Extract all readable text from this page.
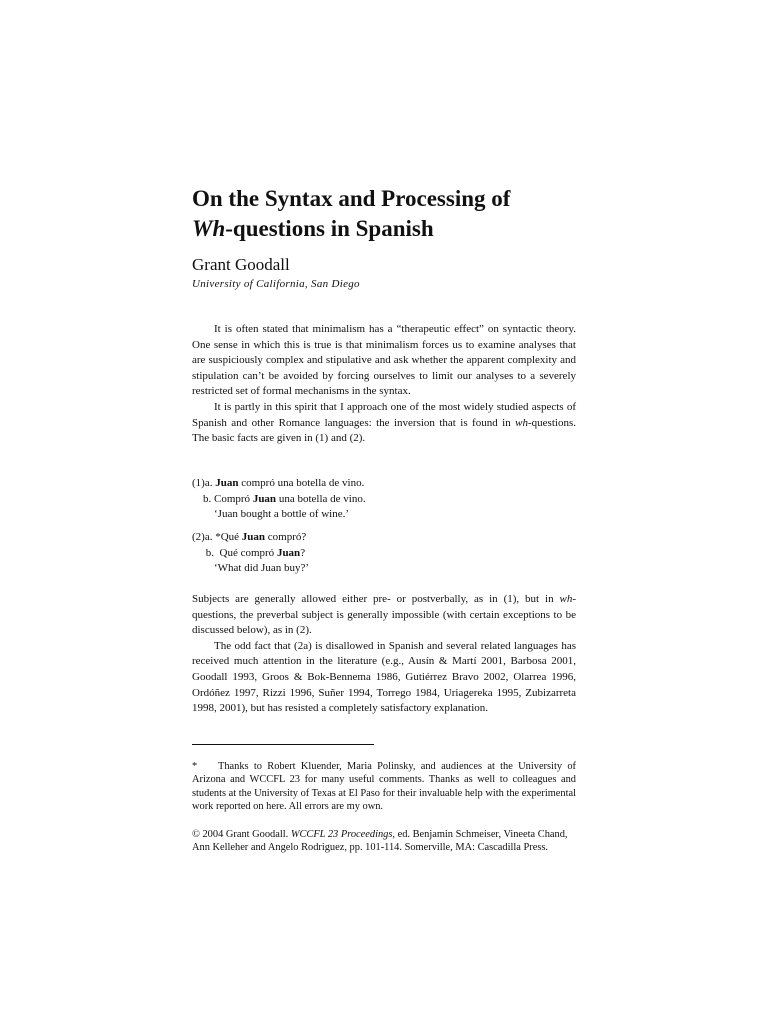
On the Syntax and Processing of
Wh-questions in Spanish
Grant Goodall
University of California, San Diego

It is often stated that minimalism has a “therapeutic effect” on syntactic theory. One sense in which this is true is that minimalism forces us to examine analyses that are suspiciously complex and stipulative and ask whether the apparent complexity and stipulation can’t be avoided by forcing ourselves to limit our analyses to a severely restricted set of formal mechanisms in the syntax.

It is partly in this spirit that I approach one of the most widely studied aspects of Spanish and other Romance languages: the inversion that is found in wh-questions. The basic facts are given in (1) and (2).

(1)a. Juan compró una botella de vino.
b. Compró Juan una botella de vino.
‘Juan bought a bottle of wine.’
(2)a. *Qué Juan compró?
b.  Qué compró Juan?
‘What did Juan buy?’

Subjects are generally allowed either pre- or postverbally, as in (1), but in wh-questions, the preverbal subject is generally impossible (with certain exceptions to be discussed below), as in (2).

The odd fact that (2a) is disallowed in Spanish and several related languages has received much attention in the literature (e.g., Ausín & Martí 2001, Barbosa 2001, Goodall 1993, Groos & Bok-Bennema 1986, Gutiérrez Bravo 2002, Olarrea 1996, Ordóñez 1997, Rizzi 1996, Suñer 1994, Torrego 1984, Uriagereka 1995, Zubizarreta 1998, 2001), but has resisted a completely satisfactory explanation.

*  Thanks to Robert Kluender, Maria Polinsky, and audiences at the University of Arizona and WCCFL 23 for many useful comments. Thanks as well to colleagues and students at the University of Texas at El Paso for their invaluable help with the experimental work reported on here. All errors are my own.

© 2004 Grant Goodall. WCCFL 23 Proceedings, ed. Benjamin Schmeiser, Vineeta Chand, Ann Kelleher and Angelo Rodriguez, pp. 101-114. Somerville, MA: Cascadilla Press.
